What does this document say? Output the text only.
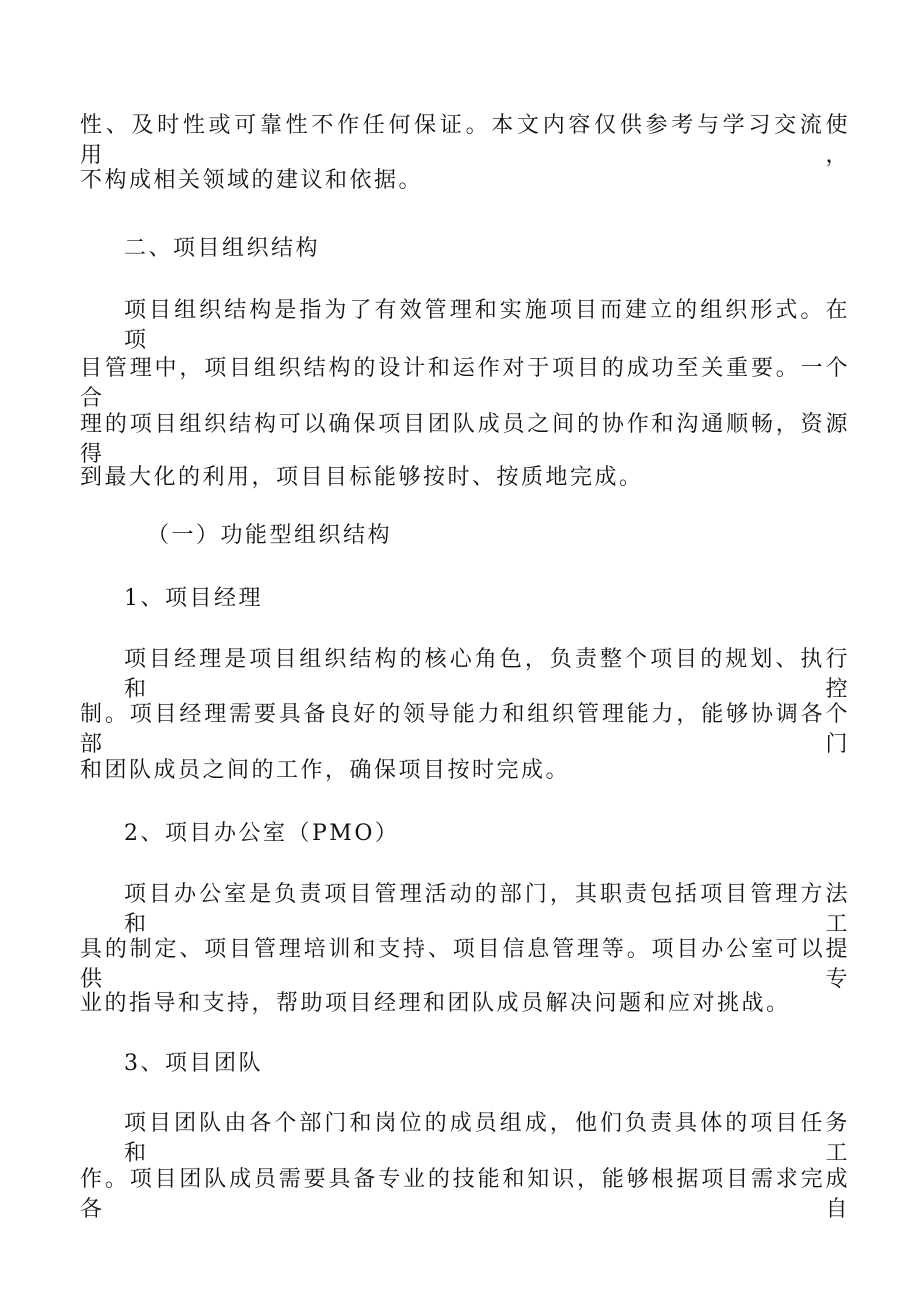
性、及时性或可靠性不作任何保证。本文内容仅供参考与学习交流使用，
不构成相关领域的建议和依据。
二、项目组织结构
项目组织结构是指为了有效管理和实施项目而建立的组织形式。在项
目管理中，项目组织结构的设计和运作对于项目的成功至关重要。一个合
理的项目组织结构可以确保项目团队成员之间的协作和沟通顺畅，资源得
到最大化的利用，项目目标能够按时、按质地完成。
（一）功能型组织结构
1、项目经理
项目经理是项目组织结构的核心角色，负责整个项目的规划、执行和控
制。项目经理需要具备良好的领导能力和组织管理能力，能够协调各个部门
和团队成员之间的工作，确保项目按时完成。
2、项目办公室（PMO）
项目办公室是负责项目管理活动的部门，其职责包括项目管理方法和工
具的制定、项目管理培训和支持、项目信息管理等。项目办公室可以提供专
业的指导和支持，帮助项目经理和团队成员解决问题和应对挑战。
3、项目团队
项目团队由各个部门和岗位的成员组成，他们负责具体的项目任务和工
作。项目团队成员需要具备专业的技能和知识，能够根据项目需求完成各自
